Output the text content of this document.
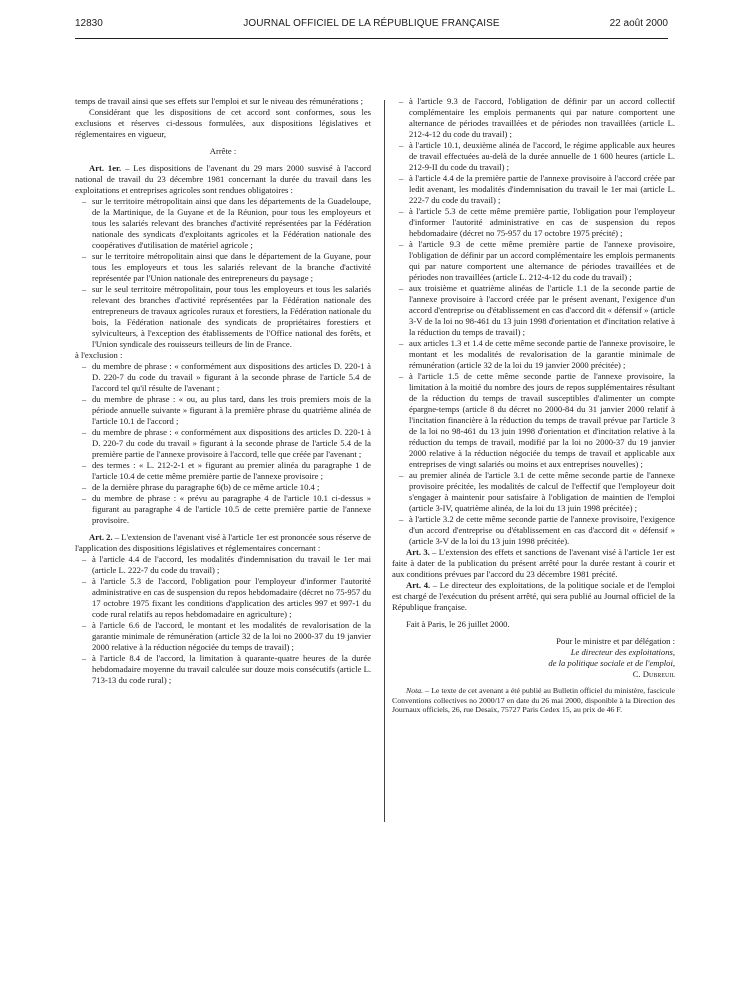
12830	JOURNAL OFFICIEL DE LA RÉPUBLIQUE FRANÇAISE	22 août 2000

temps de travail ainsi que ses effets sur l'emploi et sur le niveau des rémunérations ;

Considérant que les dispositions de cet accord sont conformes, sous les exclusions et réserves ci-dessous formulées, aux dispositions législatives et réglementaires en vigueur,

Arrête :

Art. 1er. – Les dispositions de l'avenant du 29 mars 2000 susvisé à l'accord national de travail du 23 décembre 1981 concernant la durée du travail dans les exploitations et entreprises agricoles sont rendues obligatoires :

– sur le territoire métropolitain ainsi que dans les départements de la Guadeloupe, de la Martinique, de la Guyane et de la Réunion, pour tous les employeurs et tous les salariés relevant des branches d'activité représentées par la Fédération nationale des syndicats d'exploitants agricoles et la Fédération nationale des coopératives d'utilisation de matériel agricole ;
– sur le territoire métropolitain ainsi que dans le département de la Guyane, pour tous les employeurs et tous les salariés relevant de la branche d'activité représentée par l'Union nationale des entrepreneurs du paysage ;
– sur le seul territoire métropolitain, pour tous les employeurs et tous les salariés relevant des branches d'activité représentées par la Fédération nationale des entrepreneurs de travaux agricoles ruraux et forestiers, la Fédération nationale du bois, la Fédération nationale des syndicats de propriétaires forestiers et sylviculteurs, à l'exception des établissements de l'Office national des forêts, et l'Union syndicale des rouisseurs teilleurs de lin de France.

à l'exclusion :

– du membre de phrase : « conformément aux dispositions des articles D. 220-1 à D. 220-7 du code du travail » figurant à la seconde phrase de l'article 5.4 de l'accord tel qu'il résulte de l'avenant ;
– du membre de phrase : « ou, au plus tard, dans les trois premiers mois de la période annuelle suivante » figurant à la première phrase du quatrième alinéa de l'article 10.1 de l'accord ;
– du membre de phrase : « conformément aux dispositions des articles D. 220-1 à D. 220-7 du code du travail » figurant à la seconde phrase de l'article 5.4 de la première partie de l'annexe provisoire à l'accord, telle que créée par l'avenant ;
– des termes : « L. 212-2-1 et » figurant au premier alinéa du paragraphe 1 de l'article 10.4 de cette même première partie de l'annexe provisoire ;
– de la dernière phrase du paragraphe 6(b) de ce même article 10.4 ;
– du membre de phrase : « prévu au paragraphe 4 de l'article 10.1 ci-dessus » figurant au paragraphe 4 de l'article 10.5 de cette première partie de l'annexe provisoire.

Art. 2. – L'extension de l'avenant visé à l'article 1er est prononcée sous réserve de l'application des dispositions législatives et réglementaires concernant :

– à l'article 4.4 de l'accord, les modalités d'indemnisation du travail le 1er mai (article L. 222-7 du code du travail) ;
– à l'article 5.3 de l'accord, l'obligation pour l'employeur d'informer l'autorité administrative en cas de suspension du repos hebdomadaire (décret no 75-957 du 17 octobre 1975 fixant les conditions d'application des articles 997 et 997-1 du code rural relatifs au repos hebdomadaire en agriculture) ;
– à l'article 6.6 de l'accord, le montant et les modalités de revalorisation de la garantie minimale de rémunération (article 32 de la loi no 2000-37 du 19 janvier 2000 relative à la réduction négociée du temps de travail) ;
– à l'article 8.4 de l'accord, la limitation à quarante-quatre heures de la durée hebdomadaire moyenne du travail calculée sur douze mois consécutifs (article L. 713-13 du code rural) ;
– à l'article 9.3 de l'accord, l'obligation de définir par un accord collectif complémentaire les emplois permanents qui par nature comportent une alternance de périodes travaillées et de périodes non travaillées (article L. 212-4-12 du code du travail) ;
– à l'article 10.1, deuxième alinéa de l'accord, le régime applicable aux heures de travail effectuées au-delà de la durée annuelle de 1 600 heures (article L. 212-9-II du code du travail) ;
– à l'article 4.4 de la première partie de l'annexe provisoire à l'accord créée par ledit avenant, les modalités d'indemnisation du travail le 1er mai (article L. 222-7 du code du travail) ;
– à l'article 5.3 de cette même première partie, l'obligation pour l'employeur d'informer l'autorité administrative en cas de suspension du repos hebdomadaire (décret no 75-957 du 17 octobre 1975 précité) ;
– à l'article 9.3 de cette même première partie de l'annexe provisoire, l'obligation de définir par un accord complémentaire les emplois permanents qui par nature comportent une alternance de périodes travaillées et de périodes non travaillées (article L. 212-4-12 du code du travail) ;
– aux troisième et quatrième alinéas de l'article 1.1 de la seconde partie de l'annexe provisoire à l'accord créée par le présent avenant, l'exigence d'un accord d'entreprise ou d'établissement en cas d'accord dit « défensif » (article 3-V de la loi no 98-461 du 13 juin 1998 d'orientation et d'incitation relative à la réduction du temps de travail) ;
– aux articles 1.3 et 1.4 de cette même seconde partie de l'annexe provisoire, le montant et les modalités de revalorisation de la garantie minimale de rémunération (article 32 de la loi du 19 janvier 2000 précitée) ;
– à l'article 1.5 de cette même seconde partie de l'annexe provisoire, la limitation à la moitié du nombre des jours de repos supplémentaires résultant de la réduction du temps de travail susceptibles d'alimenter un compte épargne-temps (article 8 du décret no 2000-84 du 31 janvier 2000 relatif à l'incitation financière à la réduction du temps de travail prévue par l'article 3 de la loi no 98-461 du 13 juin 1998 d'orientation et d'incitation relative à la réduction du temps de travail, modifié par la loi no 2000-37 du 19 janvier 2000 relative à la réduction négociée du temps de travail et applicable aux entreprises de vingt salariés ou moins et aux entreprises nouvelles) ;
– au premier alinéa de l'article 3.1 de cette même seconde partie de l'annexe provisoire précitée, les modalités de calcul de l'effectif que l'employeur doit s'engager à maintenir pour satisfaire à l'obligation de maintien de l'emploi (article 3-IV, quatrième alinéa, de la loi du 13 juin 1998 précitée) ;
– à l'article 3.2 de cette même seconde partie de l'annexe provisoire, l'exigence d'un accord d'entreprise ou d'établissement en cas d'accord dit « défensif » (article 3-V de la loi du 13 juin 1998 précitée).

Art. 3. – L'extension des effets et sanctions de l'avenant visé à l'article 1er est faite à dater de la publication du présent arrêté pour la durée restant à courir et aux conditions prévues par l'accord du 23 décembre 1981 précité.

Art. 4. – Le directeur des exploitations, de la politique sociale et de l'emploi est chargé de l'exécution du présent arrêté, qui sera publié au Journal officiel de la République française.

Fait à Paris, le 26 juillet 2000.

Pour le ministre et par délégation :

Le directeur des exploitations,

de la politique sociale et de l'emploi,

C. Dubreuil

Nota. – Le texte de cet avenant a été publié au Bulletin officiel du ministère, fascicule Conventions collectives no 2000/17 en date du 26 mai 2000, disponible à la Direction des Journaux officiels, 26, rue Desaix, 75727 Paris Cedex 15, au prix de 46 F.
